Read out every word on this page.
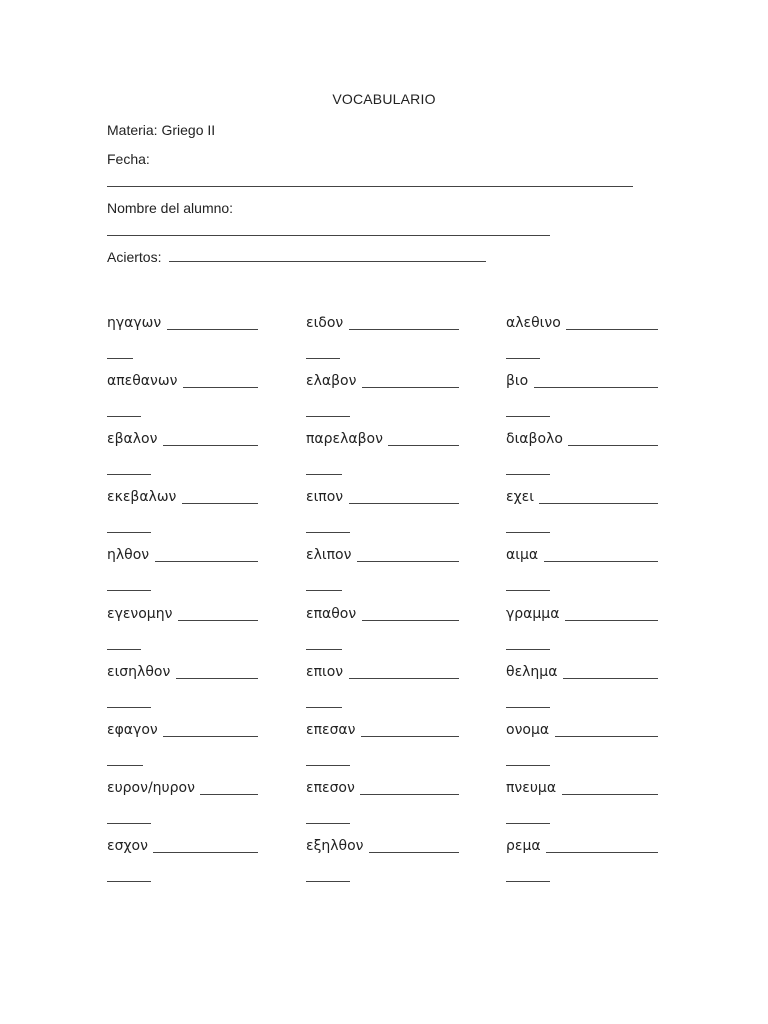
VOCABULARIO
Materia: Griego II
Fecha:
Nombre del alumno:
Aciertos:
ηγαγων	ειδον	αλεθινο
απεθανων	ελαβον	βιο
εβαλον	παρελαβον	διαβολο
εκεβαλων	ειπον	εχει
ηλθον	ελιπον	αιμα
εγενομην	επαθον	γραμμα
εισηλθον	επιον	θελημα
εφαγον	επεσαν	ονομα
ευρον/ηυρον	επεσον	πνευμα
εσχον	εξηλθον	ρεμα
